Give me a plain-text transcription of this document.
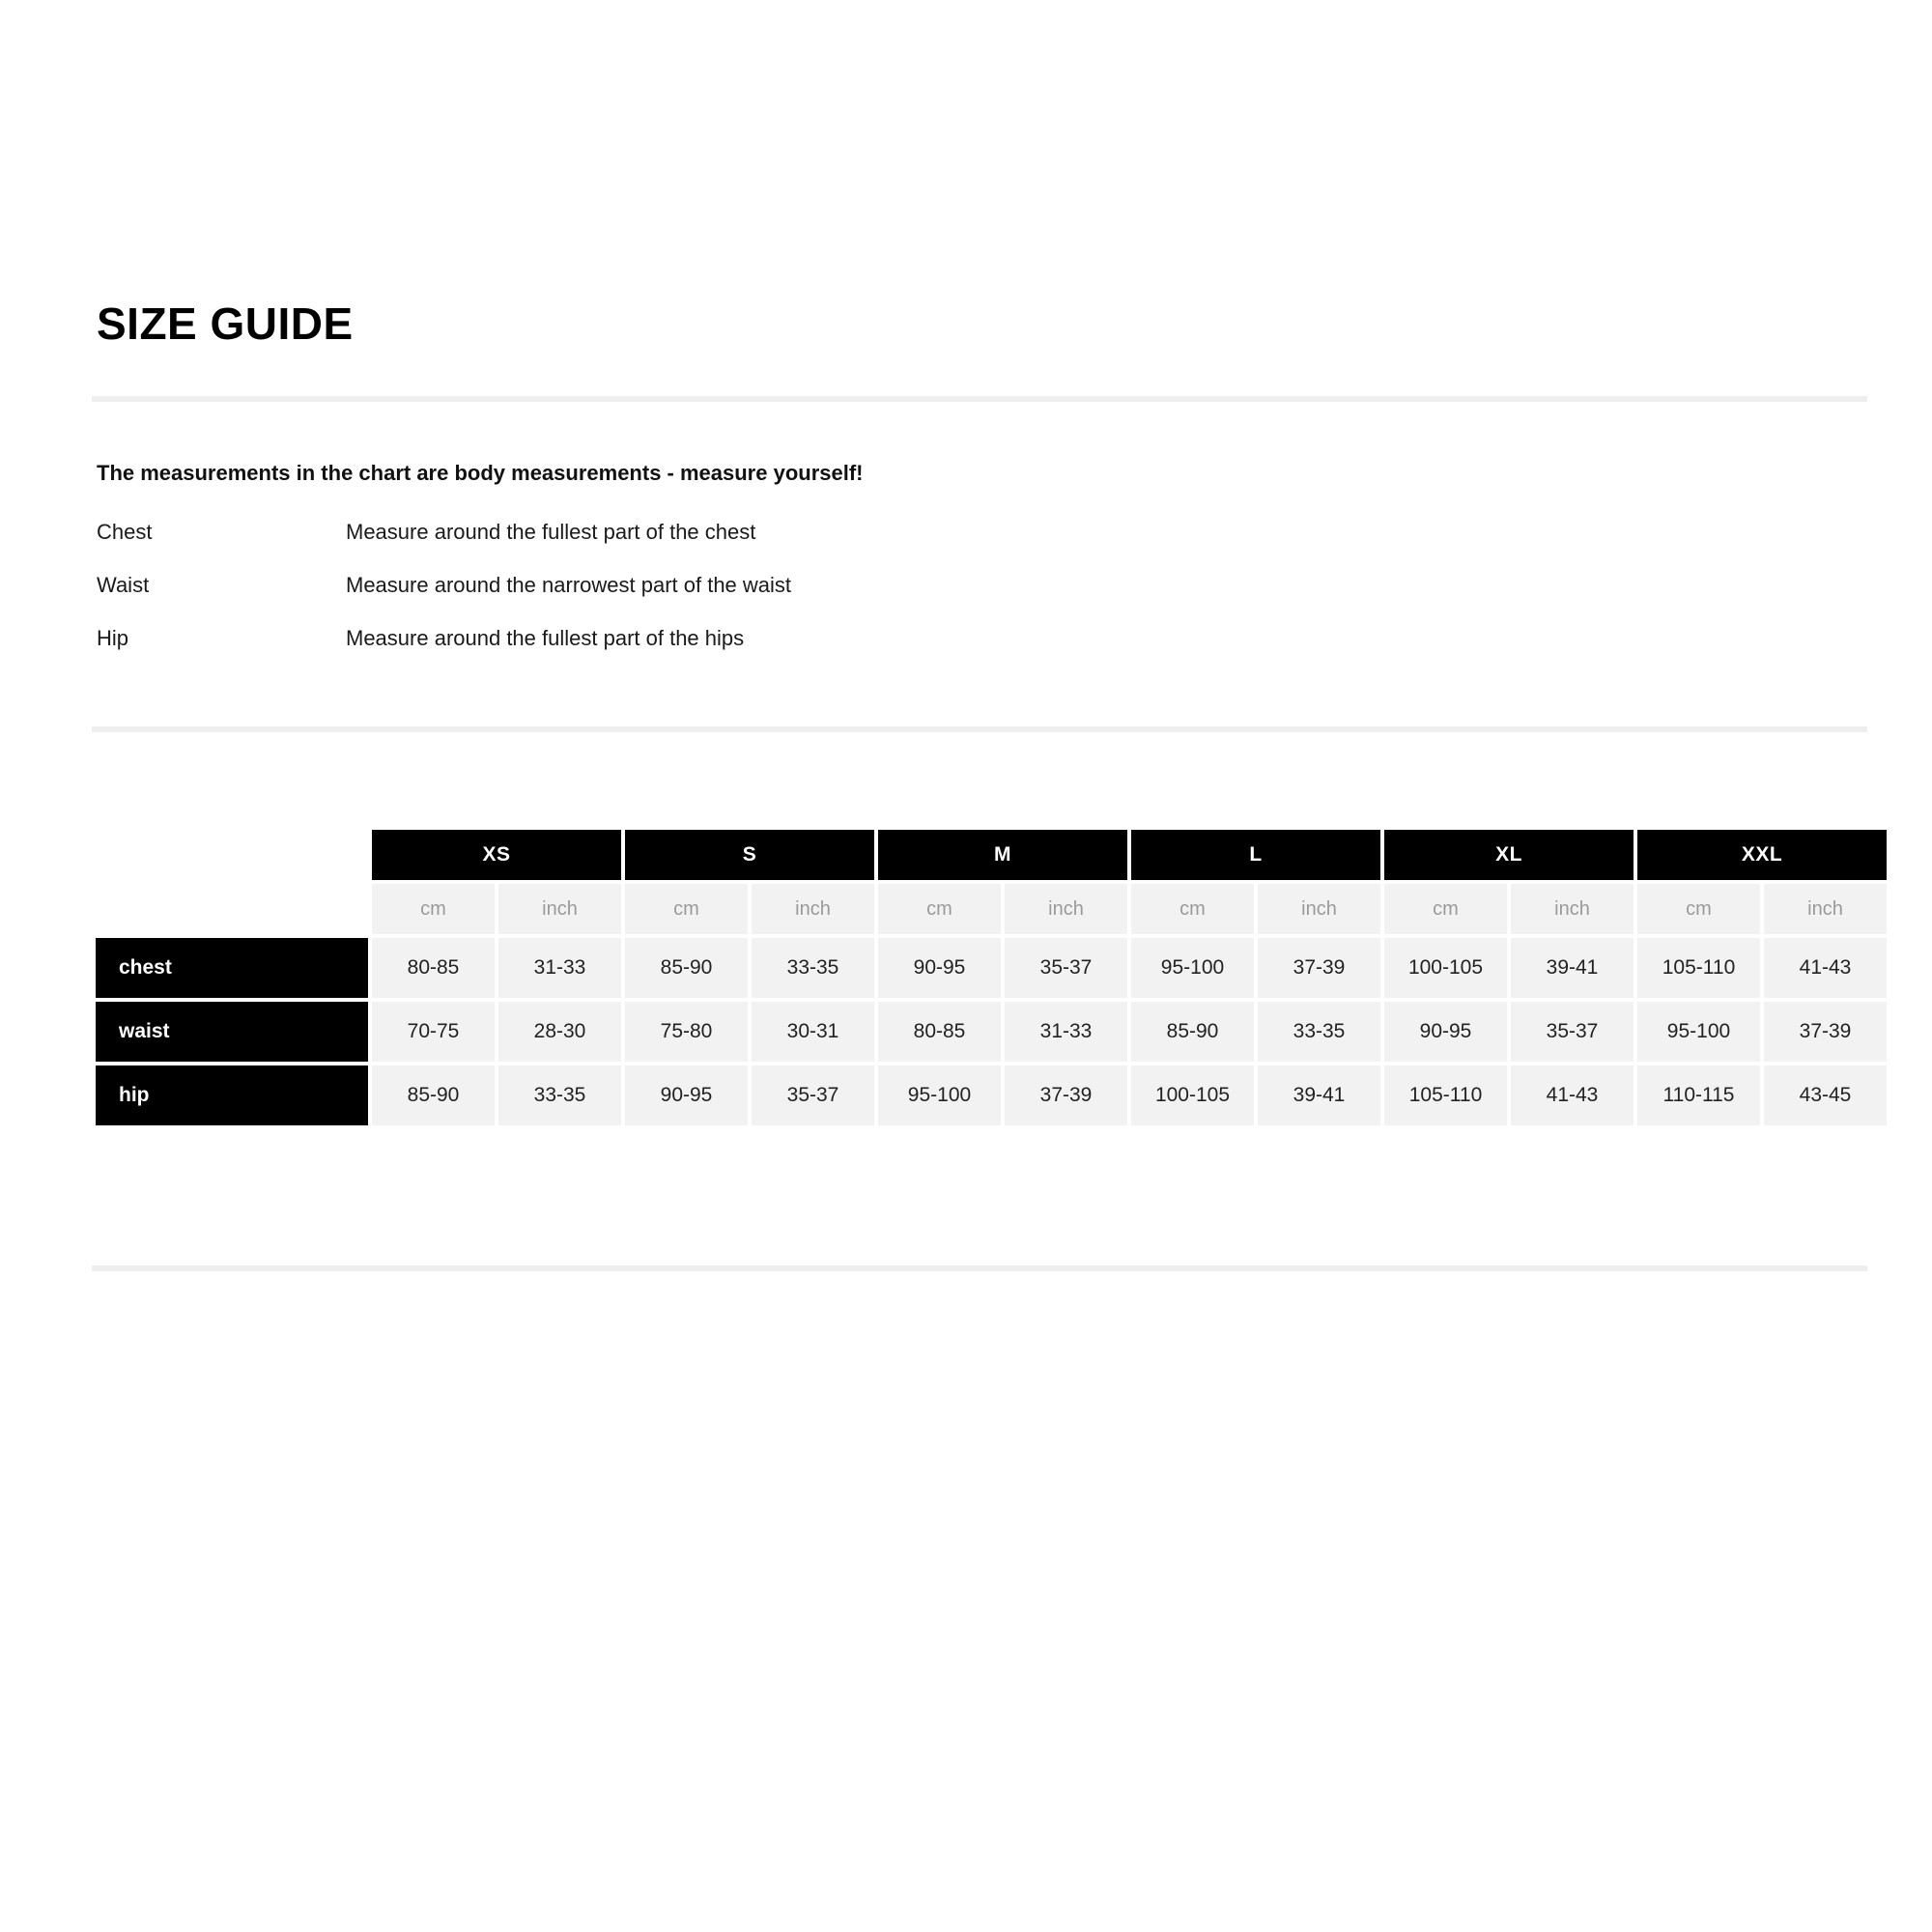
SIZE GUIDE
The measurements in the chart are body measurements - measure yourself!
Chest	Measure around the fullest part of the chest
Waist	Measure around the narrowest part of the waist
Hip	Measure around the fullest part of the hips
	XS		S		M		L		XL		XXL	
	cm	inch	cm	inch	cm	inch	cm	inch	cm	inch	cm	inch
chest	80-85	31-33	85-90	33-35	90-95	35-37	95-100	37-39	100-105	39-41	105-110	41-43
waist	70-75	28-30	75-80	30-31	80-85	31-33	85-90	33-35	90-95	35-37	95-100	37-39
hip	85-90	33-35	90-95	35-37	95-100	37-39	100-105	39-41	105-110	41-43	110-115	43-45
